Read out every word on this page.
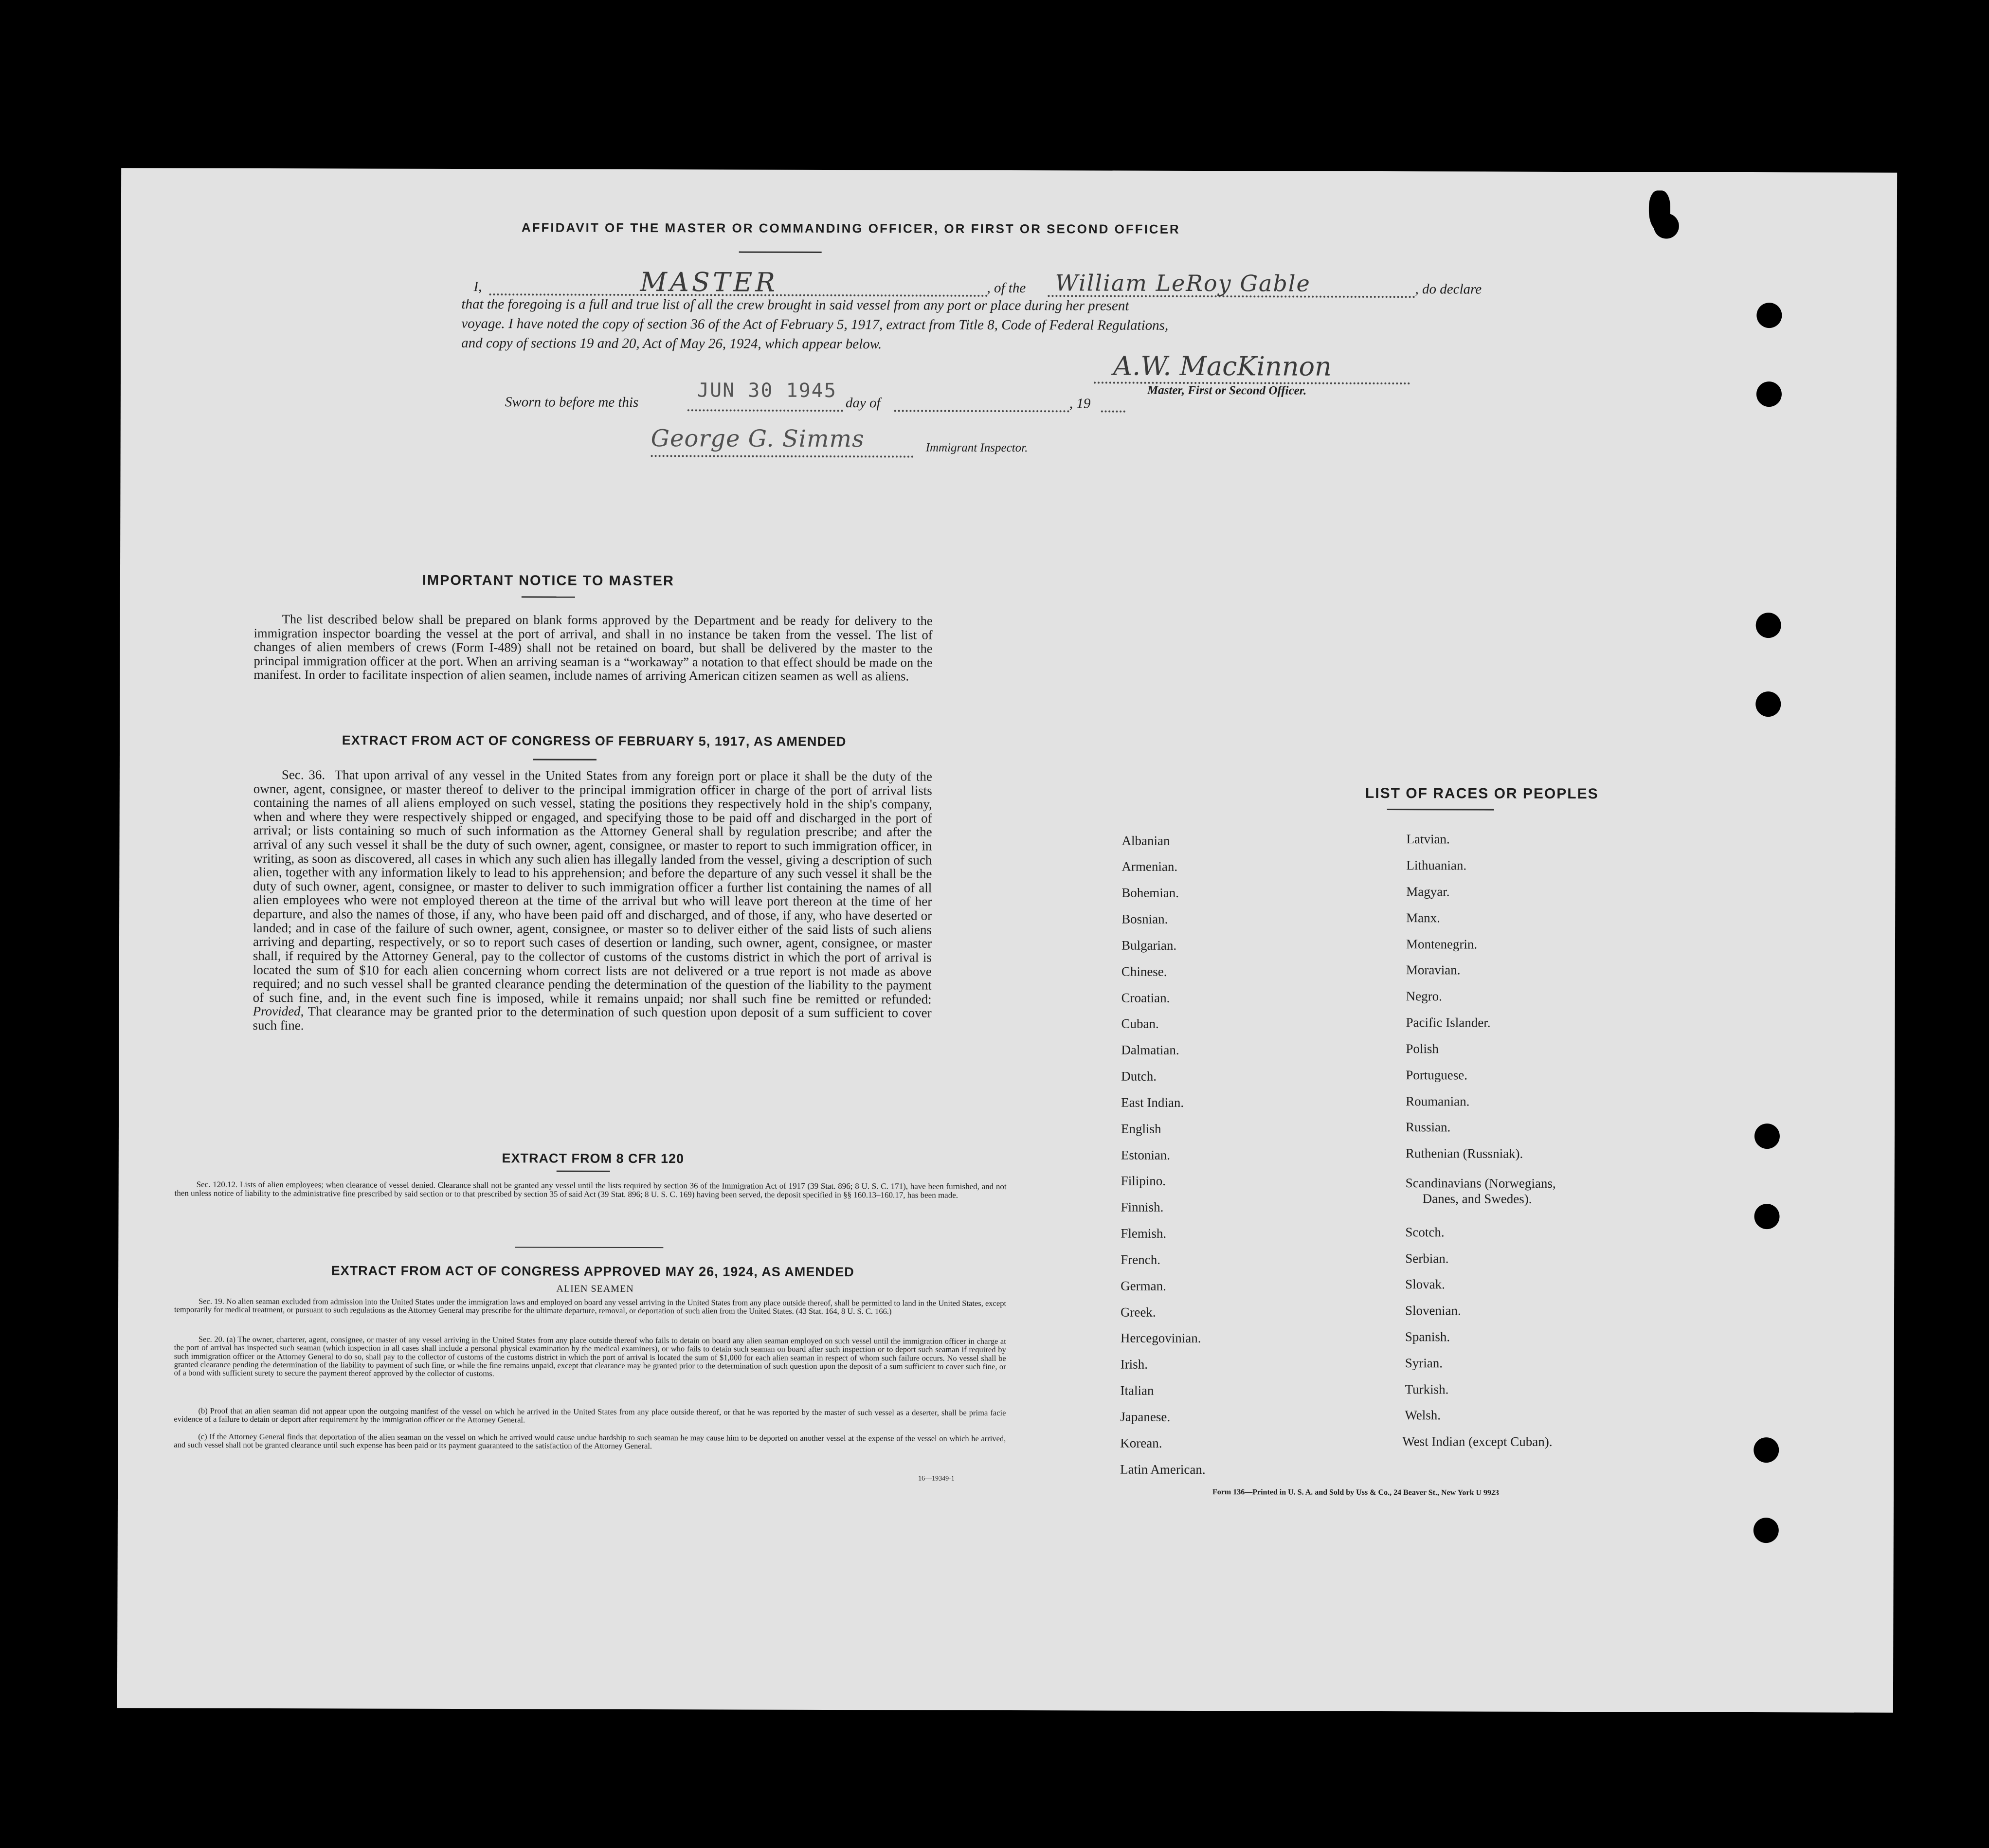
AFFIDAVIT OF THE MASTER OR COMMANDING OFFICER, OR FIRST OR SECOND OFFICER
I,	MASTER	, of the William LeRoy Gable	, do declare
that the foregoing is a full and true list of all the crew brought in said vessel from any port or place during her present
voyage. I have noted the copy of section 36 of the Act of February 5, 1917, extract from Title 8, Code of Federal Regulations,
and copy of sections 19 and 20, Act of May 26, 1924, which appear below.
A.W. MacKinnon
Master, First or Second Officer.
Sworn to before me this
JUN 30 1945
day of	, 19
George G. Simms	Immigrant Inspector.
IMPORTANT NOTICE TO MASTER
The list described below shall be prepared on blank forms approved by the Department and be ready for delivery to the immigration inspector boarding the vessel at the port of arrival, and shall in no instance be taken from the vessel. The list of changes of alien members of crews (Form I-489) shall not be retained on board, but shall be delivered by the master to the principal immigration officer at the port. When an arriving seaman is a “workaway” a notation to that effect should be made on the manifest. In order to facilitate inspection of alien seamen, include names of arriving American citizen seamen as well as aliens.
EXTRACT FROM ACT OF CONGRESS OF FEBRUARY 5, 1917, AS AMENDED
Sec. 36. That upon arrival of any vessel in the United States from any foreign port or place it shall be the duty of the owner, agent, consignee, or master thereof to deliver to the principal immigration officer in charge of the port of arrival lists containing the names of all aliens employed on such vessel, stating the positions they respectively hold in the ship's company, when and where they were respectively shipped or engaged, and specifying those to be paid off and discharged in the port of arrival; or lists containing so much of such information as the Attorney General shall by regulation prescribe; and after the arrival of any such vessel it shall be the duty of such owner, agent, consignee, or master to report to such immigration officer, in writing, as soon as discovered, all cases in which any such alien has illegally landed from the vessel, giving a description of such alien, together with any information likely to lead to his apprehension; and before the departure of any such vessel it shall be the duty of such owner, agent, consignee, or master to deliver to such immigration officer a further list containing the names of all alien employees who were not employed thereon at the time of the arrival but who will leave port thereon at the time of her departure, and also the names of those, if any, who have been paid off and discharged, and of those, if any, who have deserted or landed; and in case of the failure of such owner, agent, consignee, or master so to deliver either of the said lists of such aliens arriving and departing, respectively, or so to report such cases of desertion or landing, such owner, agent, consignee, or master shall, if required by the Attorney General, pay to the collector of customs of the customs district in which the port of arrival is located the sum of $10 for each alien concerning whom correct lists are not delivered or a true report is not made as above required; and no such vessel shall be granted clearance pending the determination of the question of the liability to the payment of such fine, and, in the event such fine is imposed, while it remains unpaid; nor shall such fine be remitted or refunded: Provided, That clearance may be granted prior to the determination of such question upon deposit of a sum sufficient to cover such fine.
EXTRACT FROM 8 CFR 120
Sec. 120.12. Lists of alien employees; when clearance of vessel denied. Clearance shall not be granted any vessel until the lists required by section 36 of the Immigration Act of 1917 (39 Stat. 896; 8 U. S. C. 171), have been furnished, and not then unless notice of liability to the administrative fine prescribed by said section or to that prescribed by section 35 of said Act (39 Stat. 896; 8 U. S. C. 169) having been served, the deposit specified in §§ 160.13–160.17, has been made.
EXTRACT FROM ACT OF CONGRESS APPROVED MAY 26, 1924, AS AMENDED
ALIEN SEAMEN
Sec. 19. No alien seaman excluded from admission into the United States under the immigration laws and employed on board any vessel arriving in the United States from any place outside thereof, shall be permitted to land in the United States, except temporarily for medical treatment, or pursuant to such regulations as the Attorney General may prescribe for the ultimate departure, removal, or deportation of such alien from the United States. (43 Stat. 164, 8 U. S. C. 166.)
Sec. 20. (a) The owner, charterer, agent, consignee, or master of any vessel arriving in the United States from any place outside thereof who fails to detain on board any alien seaman employed on such vessel until the immigration officer in charge at the port of arrival has inspected such seaman (which inspection in all cases shall include a personal physical examination by the medical examiners), or who fails to detain such seaman on board after such inspection or to deport such seaman if required by such immigration officer or the Attorney General to do so, shall pay to the collector of customs of the customs district in which the port of arrival is located the sum of $1,000 for each alien seaman in respect of whom such failure occurs. No vessel shall be granted clearance pending the determination of the liability to payment of such fine, or while the fine remains unpaid, except that clearance may be granted prior to the determination of such question upon the deposit of a sum sufficient to cover such fine, or of a bond with sufficient surety to secure the payment thereof approved by the collector of customs.
(b) Proof that an alien seaman did not appear upon the outgoing manifest of the vessel on which he arrived in the United States from any place outside thereof, or that he was reported by the master of such vessel as a deserter, shall be prima facie evidence of a failure to detain or deport after requirement by the immigration officer or the Attorney General.
(c) If the Attorney General finds that deportation of the alien seaman on the vessel on which he arrived would cause undue hardship to such seaman he may cause him to be deported on another vessel at the expense of the vessel on which he arrived, and such vessel shall not be granted clearance until such expense has been paid or its payment guaranteed to the satisfaction of the Attorney General.
16—19349-1
LIST OF RACES OR PEOPLES
Albanian
Armenian.
Bohemian.
Bosnian.
Bulgarian.
Chinese.
Croatian.
Cuban.
Dalmatian.
Dutch.
East Indian.
English
Estonian.
Filipino.
Finnish.
Flemish.
French.
German.
Greek.
Hercegovinian.
Irish.
Italian
Japanese.
Korean.
Latin American.
Latvian.
Lithuanian.
Magyar.
Manx.
Montenegrin.
Moravian.
Negro.
Pacific Islander.
Polish
Portuguese.
Roumanian.
Russian.
Ruthenian (Russniak).
Scandinavians (Norwegians,
Danes, and Swedes).
Scotch.
Serbian.
Slovak.
Slovenian.
Spanish.
Syrian.
Turkish.
Welsh.
West Indian (except Cuban).
Form 136—Printed in U. S. A. and Sold by Uss & Co., 24 Beaver St., New York U 9923
